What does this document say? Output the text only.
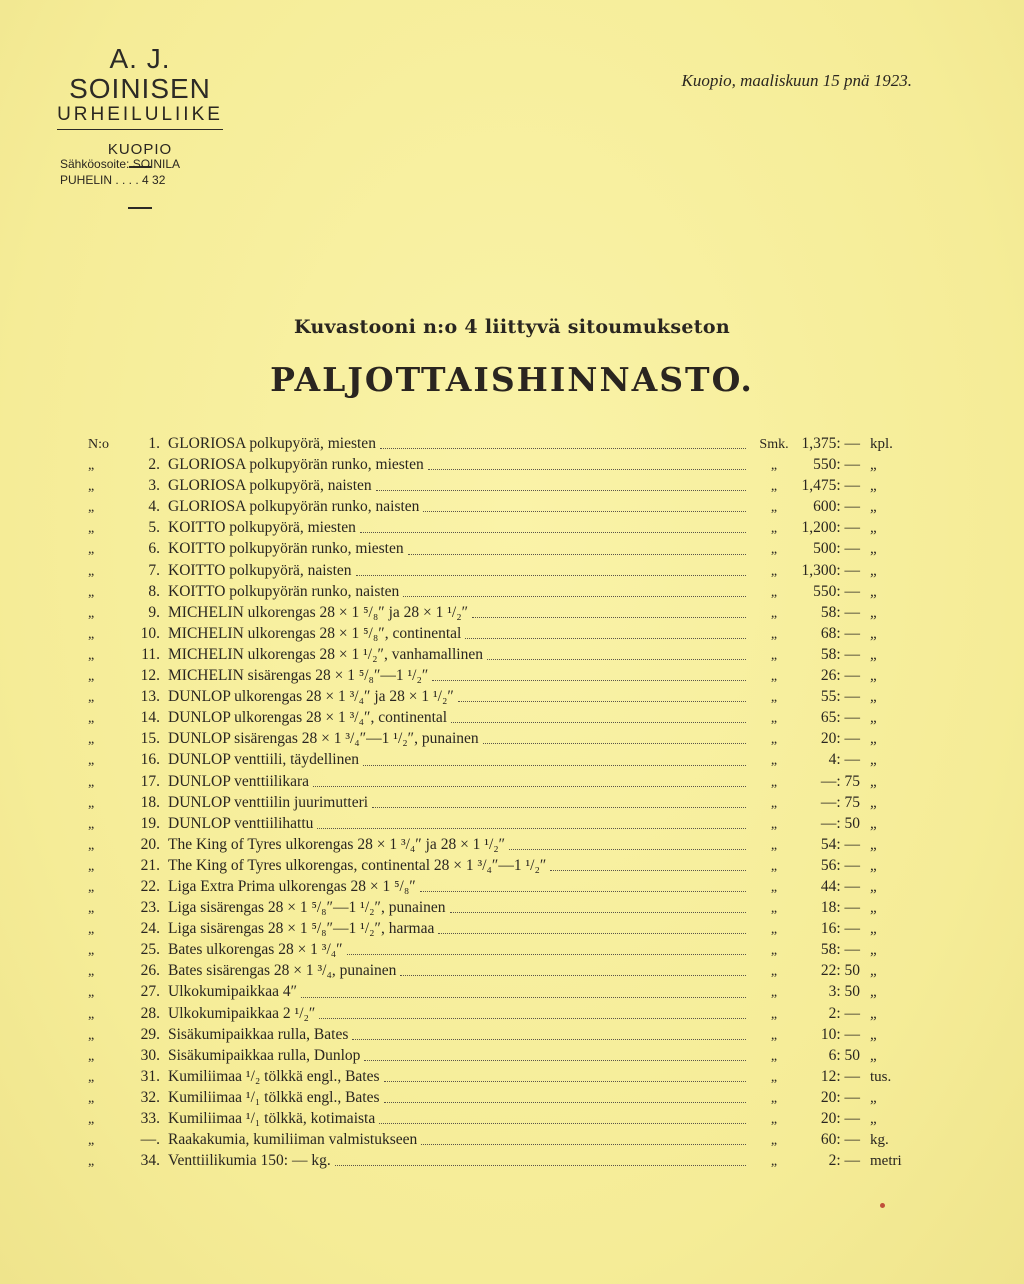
A. J. SOINISEN
URHEILULIIKE
KUOPIO
Sähköosoite: SOINILA
PUHELIN . . . . 4 32
Kuopio, maaliskuun 15 pnä 1923.
Kuvastooni n:o 4 liittyvä sitoumukseton
PALJOTTAISHINNASTO.
N:o	1. GLORIOSA polkupyörä, miesten	Smk. 1,375: — kpl.
„	2. GLORIOSA polkupyörän runko, miesten	„	550: — „
„	3. GLORIOSA polkupyörä, naisten	„	1,475: — „
„	4. GLORIOSA polkupyörän runko, naisten	„	600: — „
„	5. KOITTO polkupyörä, miesten	„	1,200: — „
„	6. KOITTO polkupyörän runko, miesten	„	500: — „
„	7. KOITTO polkupyörä, naisten	„	1,300: — „
„	8. KOITTO polkupyörän runko, naisten	„	550: — „
„	9. MICHELIN ulkorengas 28 × 1 ⁵/₈″ ja 28 × 1 ¹/₂″	„	58: — „
„	10. MICHELIN ulkorengas 28 × 1 ⁵/₈″, continental	„	68: — „
„	11. MICHELIN ulkorengas 28 × 1 ¹/₂″, vanhamallinen	„	58: — „
„	12. MICHELIN sisärengas 28 × 1 ⁵/₈″—1 ¹/₂″	„	26: — „
„	13. DUNLOP ulkorengas 28 × 1 ³/₄″ ja 28 × 1 ¹/₂″	„	55: — „
„	14. DUNLOP ulkorengas 28 × 1 ³/₄″, continental	„	65: — „
„	15. DUNLOP sisärengas 28 × 1 ³/₄″—1 ¹/₂″, punainen	„	20: — „
„	16. DUNLOP venttiili, täydellinen	„	4: — „
„	17. DUNLOP venttiilikara	„	—: 75 „
„	18. DUNLOP venttiilin juurimutteri	„	—: 75 „
„	19. DUNLOP venttiilihattu	„	—: 50 „
„	20. The King of Tyres ulkorengas 28 × 1 ³/₄″ ja 28 × 1 ¹/₂″	„	54: — „
„	21. The King of Tyres ulkorengas, continental 28 × 1 ³/₄″—1 ¹/₂″	„	56: — „
„	22. Liga Extra Prima ulkorengas 28 × 1 ⁵/₈″	„	44: — „
„	23. Liga sisärengas 28 × 1 ⁵/₈″—1 ¹/₂″, punainen	„	18: — „
„	24. Liga sisärengas 28 × 1 ⁵/₈″—1 ¹/₂″, harmaa	„	16: — „
„	25. Bates ulkorengas 28 × 1 ³/₄″	„	58: — „
„	26. Bates sisärengas 28 × 1 ³/₄, punainen	„	22: 50 „
„	27. Ulkokumipaikkaa 4″	„	3: 50 „
„	28. Ulkokumipaikkaa 2 ¹/₂″	„	2: — „
„	29. Sisäkumipaikkaa rulla, Bates	„	10: — „
„	30. Sisäkumipaikkaa rulla, Dunlop	„	6: 50 „
„	31. Kumiliimaa ¹/₂ tölkkä engl., Bates	„	12: — tus.
„	32. Kumiliimaa ¹/₁ tölkkä engl., Bates	„	20: — „
„	33. Kumiliimaa ¹/₁ tölkkä, kotimaista	„	20: — „
„	—. Raakakumia, kumiliiman valmistukseen	„	60: — kg.
„	34. Venttiilikumia 150: — kg.	„	2: — metri
